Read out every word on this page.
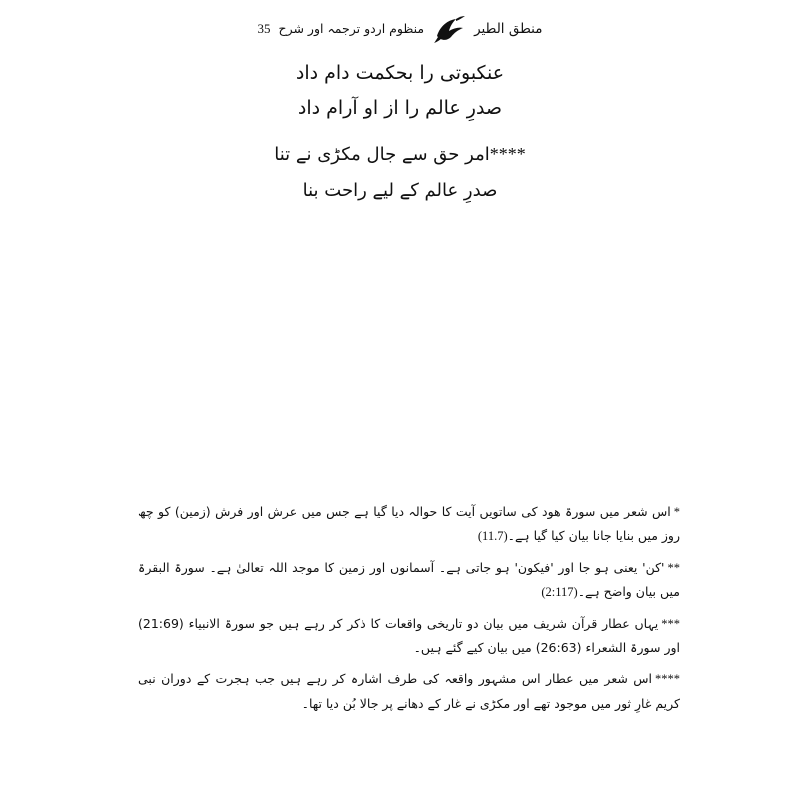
منطق الطیر
منظوم اردو ترجمہ اور شرح
35
عنکبوتی را بحکمت دام داد
صدرِ عالم را از او آرام داد
****امر حق سے جال مکڑی نے تنا
صدرِ عالم کے لیے راحت بنا
*اس شعر میں سورۃ ھود کی ساتویں آیت کا حوالہ دیا گیا ہے جس میں عرش اور فرش (زمین) کو چھ روز میں بنایا جانا بیان کیا گیا ہے۔(11.7)
**'کن' یعنی ہو جا اور 'فیکون' ہو جاتی ہے۔ آسمانوں اور زمین کا موجد اللہ تعالیٰ ہے۔ سورۃ البقرۃ میں بیان واضح ہے۔(2:117)
***یہاں عطار قرآن شریف میں بیان دو تاریخی واقعات کا ذکر کر رہے ہیں جو سورۃ الانبیاء (21:69) اور سورۃ الشعراء (26:63) میں بیان کیے گئے ہیں۔
****اس شعر میں عطار اس مشہور واقعہ کی طرف اشارہ کر رہے ہیں جب ہجرت کے دوران نبی کریم غارِ ثور میں موجود تھے اور مکڑی نے غار کے دھانے پر جالا بُن دیا تھا۔
